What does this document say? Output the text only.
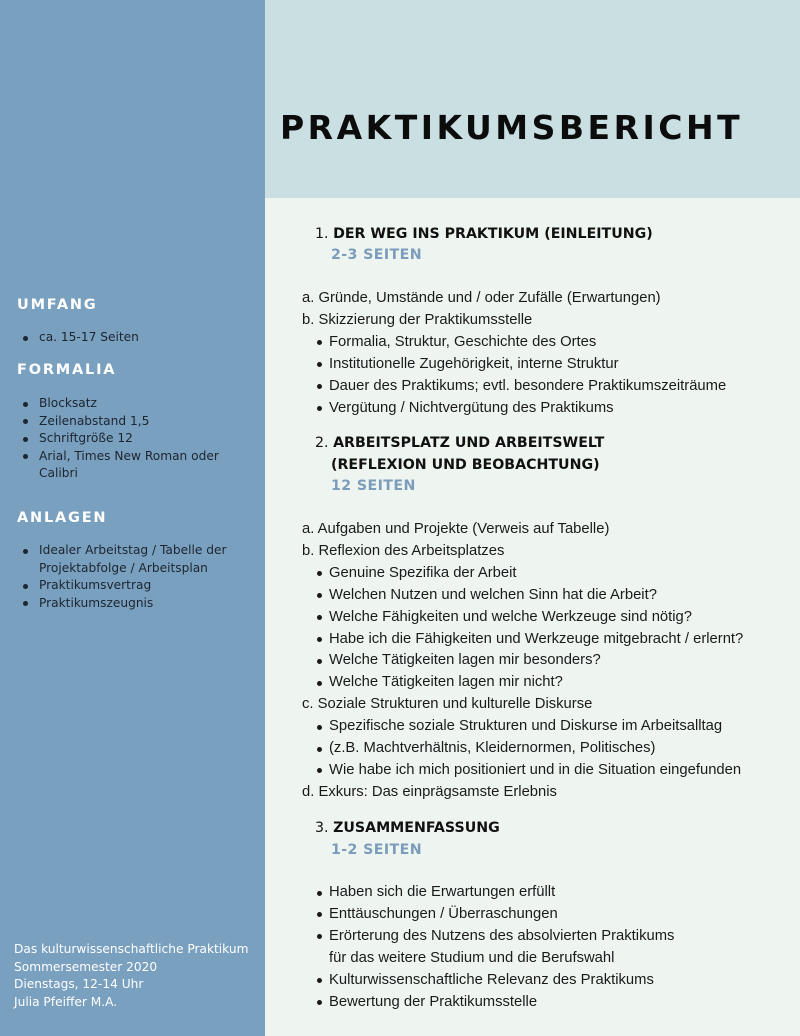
UMFANG
ca. 15-17 Seiten
FORMALIA
Blocksatz
Zeilenabstand 1,5
Schriftgröße 12
Arial, Times New Roman oder Calibri
ANLAGEN
Idealer Arbeitstag / Tabelle der Projektabfolge / Arbeitsplan
Praktikumsvertrag
Praktikumszeugnis
Das kulturwissenschaftliche Praktikum
Sommersemester 2020
Dienstags, 12-14 Uhr
Julia Pfeiffer M.A.
PRAKTIKUMSBERICHT
1. DER WEG INS PRAKTIKUM (EINLEITUNG)
2-3 SEITEN
a. Gründe, Umstände und / oder Zufälle (Erwartungen)
b. Skizzierung der Praktikumsstelle
Formalia, Struktur, Geschichte des Ortes
Institutionelle Zugehörigkeit, interne Struktur
Dauer des Praktikums; evtl. besondere Praktikumszeiträume
Vergütung / Nichtvergütung des Praktikums
2. ARBEITSPLATZ UND ARBEITSWELT
(REFLEXION UND BEOBACHTUNG)
12 SEITEN
a. Aufgaben und Projekte (Verweis auf Tabelle)
b. Reflexion des Arbeitsplatzes
Genuine Spezifika der Arbeit
Welchen Nutzen und welchen Sinn hat die Arbeit?
Welche Fähigkeiten und welche Werkzeuge sind nötig?
Habe ich die Fähigkeiten und Werkzeuge mitgebracht / erlernt?
Welche Tätigkeiten lagen mir besonders?
Welche Tätigkeiten lagen mir nicht?
c. Soziale Strukturen und kulturelle Diskurse
Spezifische soziale Strukturen und Diskurse im Arbeitsalltag
(z.B. Machtverhältnis, Kleidernormen, Politisches)
Wie habe ich mich positioniert und in die Situation eingefunden
d. Exkurs: Das einprägsamste Erlebnis
3. ZUSAMMENFASSUNG
1-2 SEITEN
Haben sich die Erwartungen erfüllt
Enttäuschungen / Überraschungen
Erörterung des Nutzens des absolvierten Praktikums
für das weitere Studium und die Berufswahl
Kulturwissenschaftliche Relevanz des Praktikums
Bewertung der Praktikumsstelle
